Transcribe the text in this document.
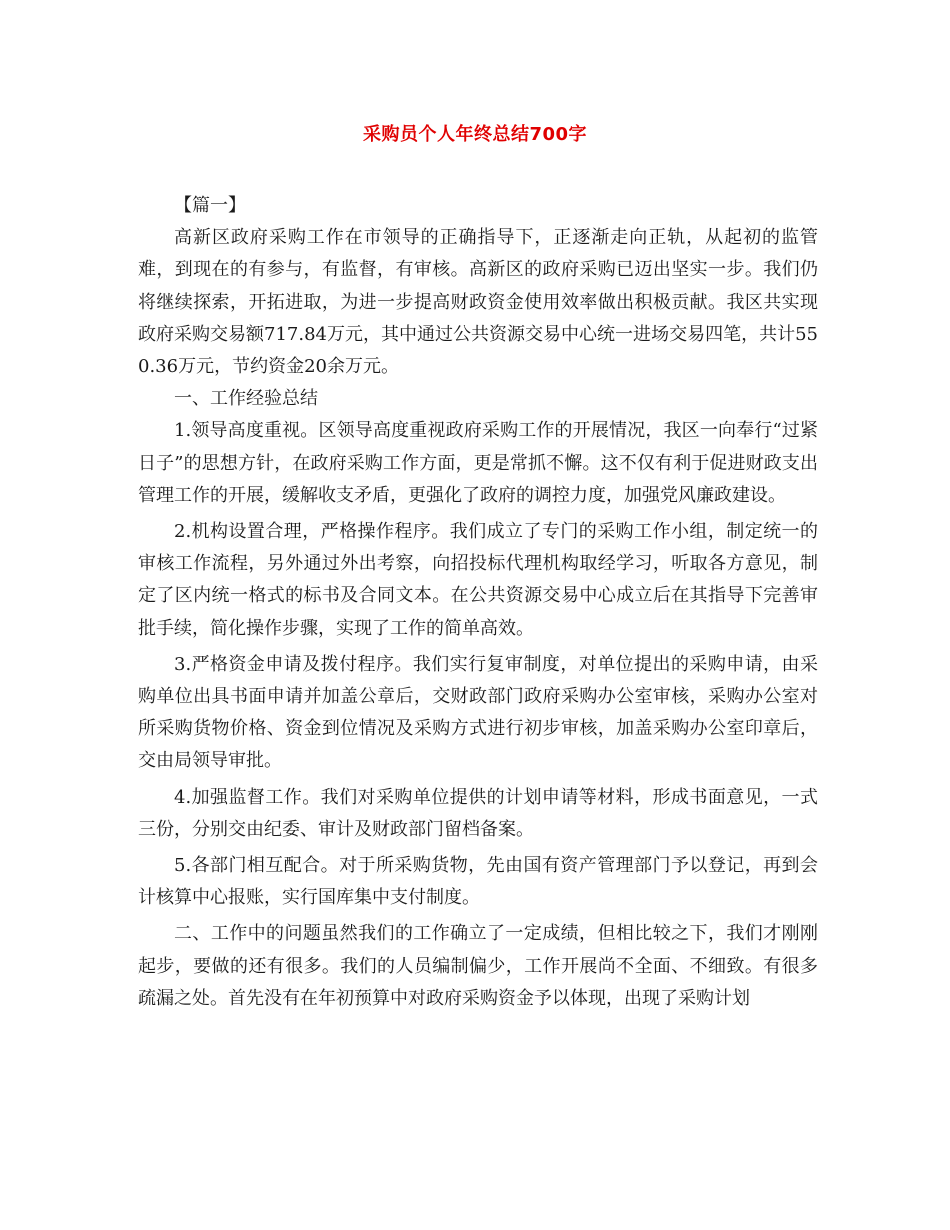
采购员个人年终总结700字

【篇一】

高新区政府采购工作在市领导的正确指导下，正逐渐走向正轨，从起初的监管难，到现在的有参与，有监督，有审核。高新区的政府采购已迈出坚实一步。我们仍将继续探索，开拓进取，为进一步提高财政资金使用效率做出积极贡献。我区共实现政府采购交易额717.84万元，其中通过公共资源交易中心统一进场交易四笔，共计550.36万元，节约资金20余万元。

一、工作经验总结

1.领导高度重视。区领导高度重视政府采购工作的开展情况，我区一向奉行“过紧日子”的思想方针，在政府采购工作方面，更是常抓不懈。这不仅有利于促进财政支出管理工作的开展，缓解收支矛盾，更强化了政府的调控力度，加强党风廉政建设。

2.机构设置合理，严格操作程序。我们成立了专门的采购工作小组，制定统一的审核工作流程，另外通过外出考察，向招投标代理机构取经学习，听取各方意见，制定了区内统一格式的标书及合同文本。在公共资源交易中心成立后在其指导下完善审批手续，简化操作步骤，实现了工作的简单高效。

3.严格资金申请及拨付程序。我们实行复审制度，对单位提出的采购申请，由采购单位出具书面申请并加盖公章后，交财政部门政府采购办公室审核，采购办公室对所采购货物价格、资金到位情况及采购方式进行初步审核，加盖采购办公室印章后，交由局领导审批。

4.加强监督工作。我们对采购单位提供的计划申请等材料，形成书面意见，一式三份，分别交由纪委、审计及财政部门留档备案。

5.各部门相互配合。对于所采购货物，先由国有资产管理部门予以登记，再到会计核算中心报账，实行国库集中支付制度。

二、工作中的问题虽然我们的工作确立了一定成绩，但相比较之下，我们才刚刚起步，要做的还有很多。我们的人员编制偏少，工作开展尚不全面、不细致。有很多疏漏之处。首先没有在年初预算中对政府采购资金予以体现，出现了采购计划
